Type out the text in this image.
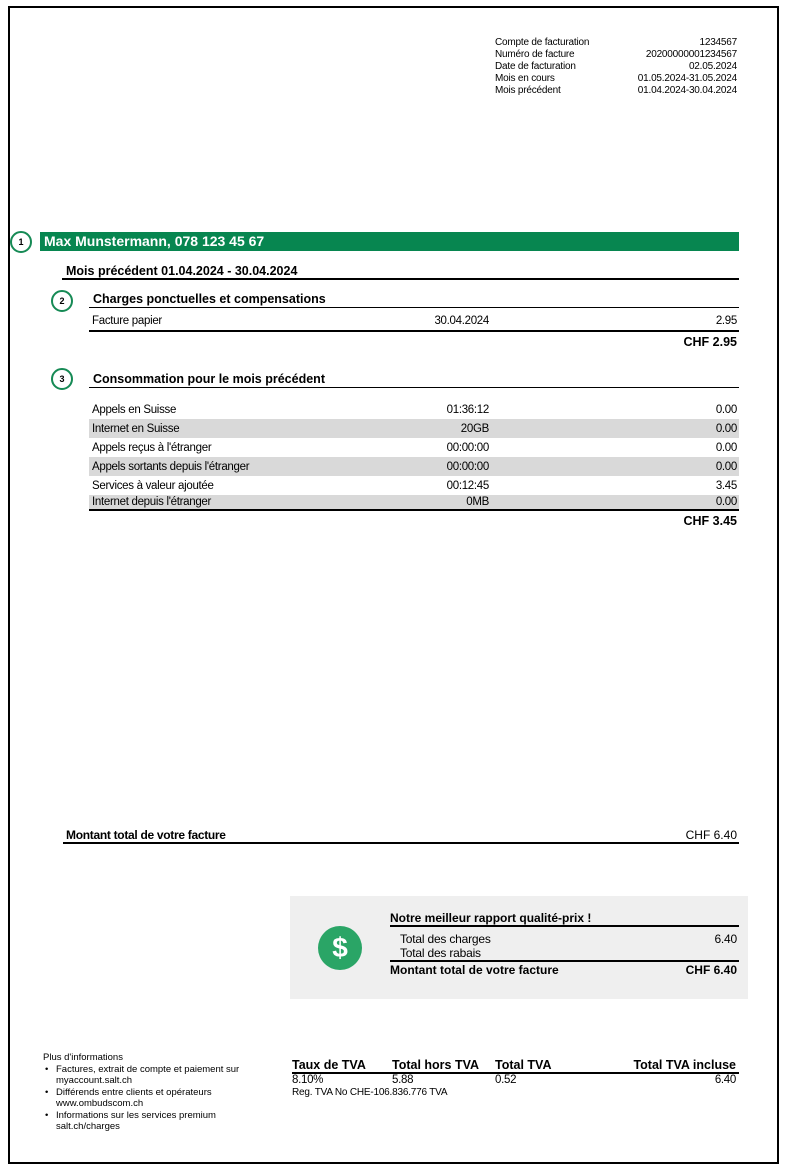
Compte de facturation	1234567
Numéro de facture	20200000001234567
Date de facturation	02.05.2024
Mois en cours	01.05.2024-31.05.2024
Mois précédent	01.04.2024-30.04.2024
1	Max Munstermann, 078 123 45 67
Mois précédent 01.04.2024 - 30.04.2024
2	Charges ponctuelles et compensations
Facture papier	30.04.2024	2.95
CHF 2.95
3	Consommation pour le mois précédent
Appels en Suisse	01:36:12	0.00
Internet en Suisse	20GB	0.00
Appels reçus à l'étranger	00:00:00	0.00
Appels sortants depuis l'étranger	00:00:00	0.00
Services à valeur ajoutée	00:12:45	3.45
Internet depuis l'étranger	0MB	0.00
CHF 3.45
Montant total de votre facture	CHF 6.40
$
Notre meilleur rapport qualité-prix !
Total des charges	6.40
Total des rabais
Montant total de votre facture	CHF 6.40
Plus d'informations
• Factures, extrait de compte et paiement sur
myaccount.salt.ch
• Différends entre clients et opérateurs
www.ombudscom.ch
• Informations sur les services premium
salt.ch/charges
Taux de TVA	Total hors TVA	Total TVA	Total TVA incluse
8.10%	5.88	0.52	6.40
Reg. TVA No CHE-106.836.776 TVA
